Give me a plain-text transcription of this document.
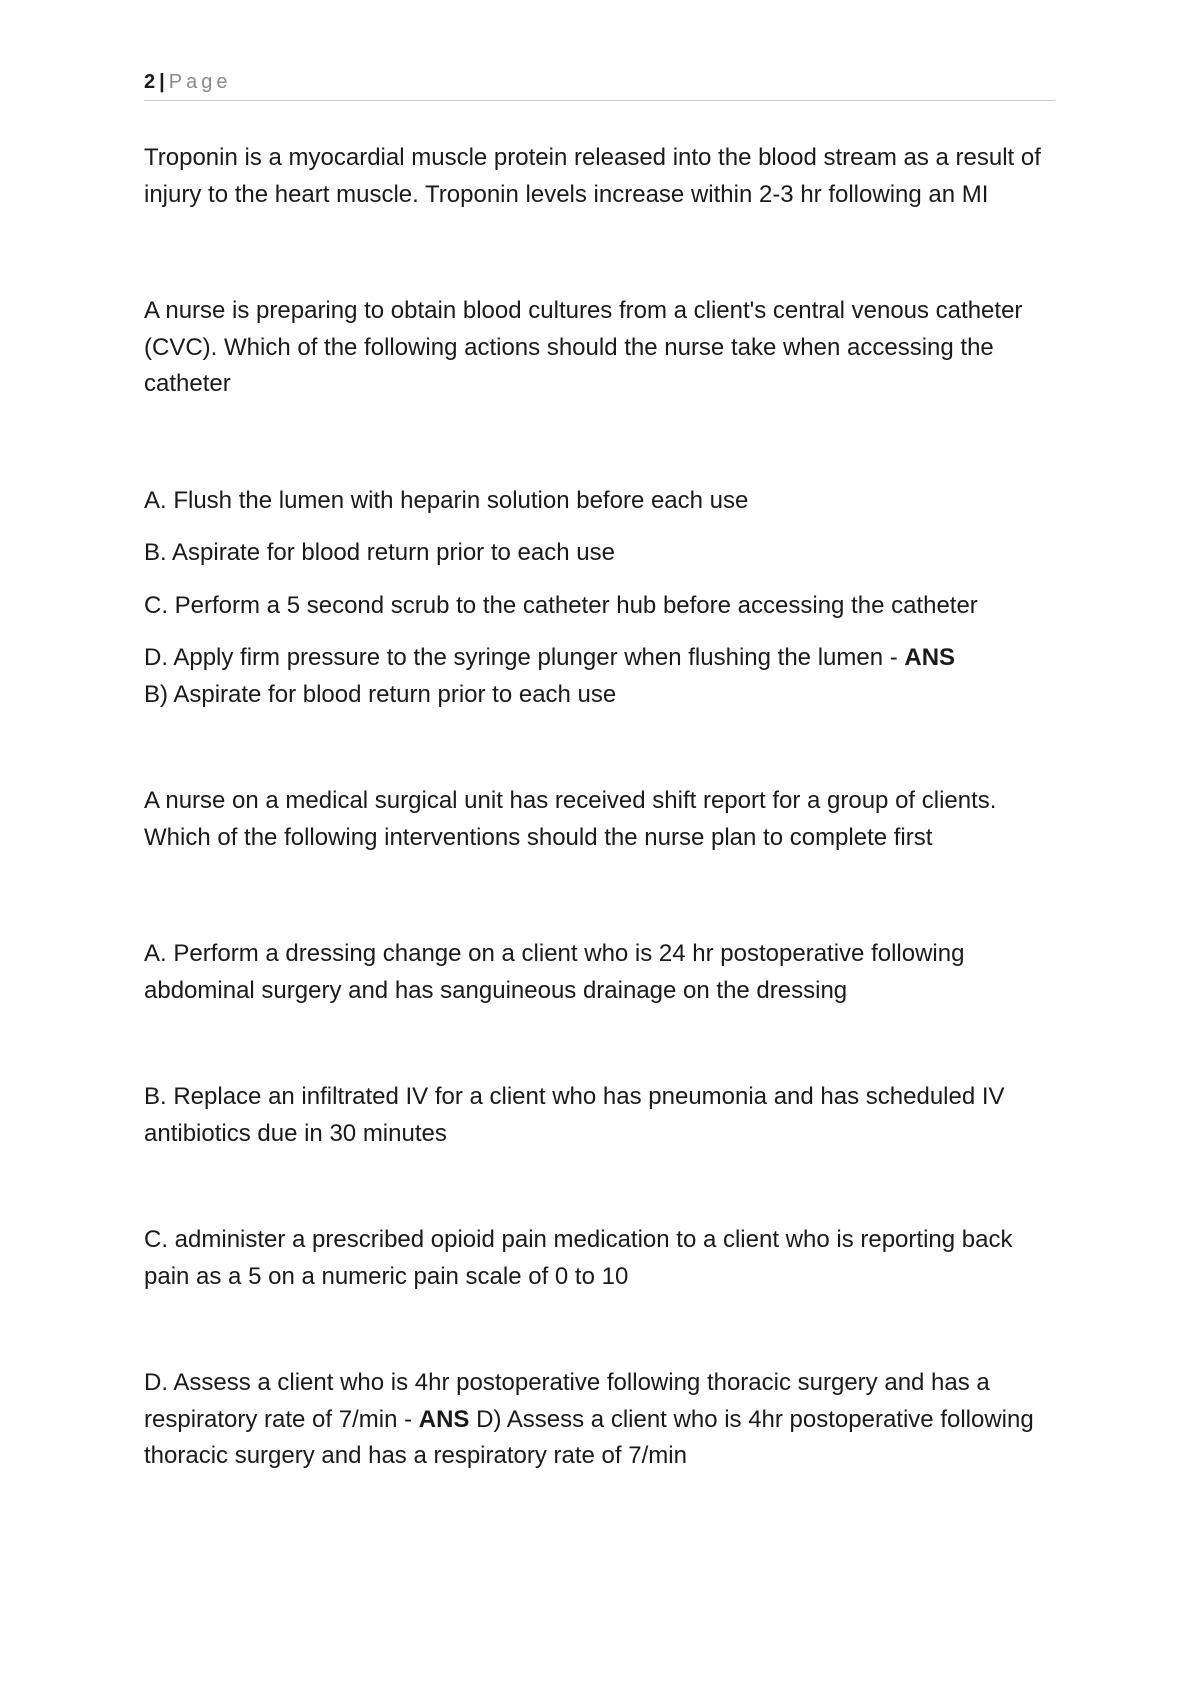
2 | Page

Troponin is a myocardial muscle protein released into the blood stream as a result of injury to the heart muscle. Troponin levels increase within 2-3 hr following an MI

A nurse is preparing to obtain blood cultures from a client's central venous catheter (CVC). Which of the following actions should the nurse take when accessing the catheter

A. Flush the lumen with heparin solution before each use

B. Aspirate for blood return prior to each use

C. Perform a 5 second scrub to the catheter hub before accessing the catheter

D. Apply firm pressure to the syringe plunger when flushing the lumen - ANS
B) Aspirate for blood return prior to each use

A nurse on a medical surgical unit has received shift report for a group of clients. Which of the following interventions should the nurse plan to complete first

A. Perform a dressing change on a client who is 24 hr postoperative following abdominal surgery and has sanguineous drainage on the dressing

B. Replace an infiltrated IV for a client who has pneumonia and has scheduled IV antibiotics due in 30 minutes

C. administer a prescribed opioid pain medication to a client who is reporting back pain as a 5 on a numeric pain scale of 0 to 10

D. Assess a client who is 4hr postoperative following thoracic surgery and has a respiratory rate of 7/min - ANS D) Assess a client who is 4hr postoperative following thoracic surgery and has a respiratory rate of 7/min
